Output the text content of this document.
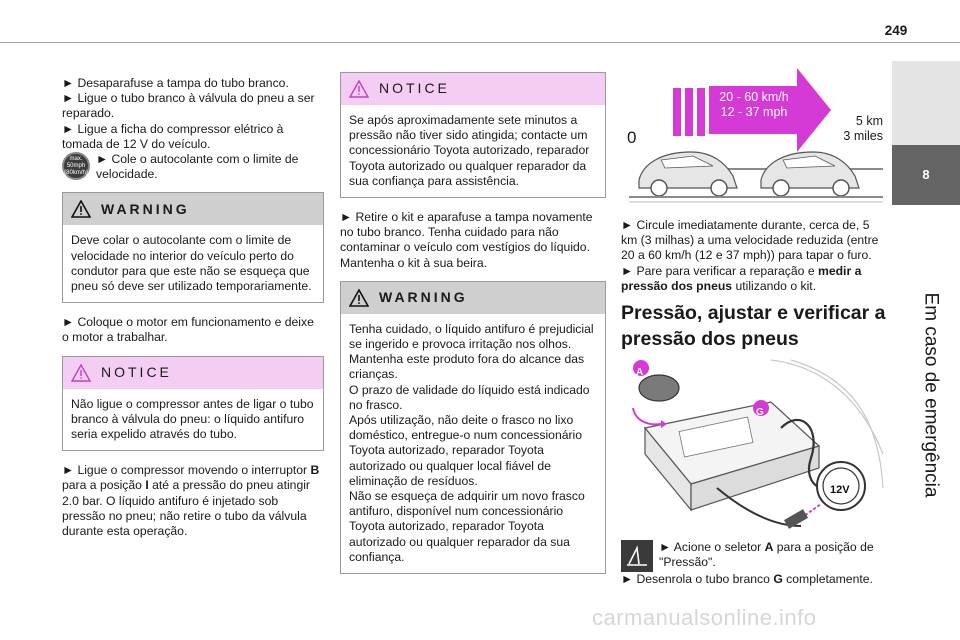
249
8
Em caso de emergência

► Desaparafuse a tampa do tubo branco.

► Ligue o tubo branco à válvula do pneu a ser reparado.

► Ligue a ficha do compressor elétrico à tomada de 12 V do veículo.

max. 50mph (80km/h)

► Cole o autocolante com o limite de velocidade.

WARNING
Deve colar o autocolante com o limite de velocidade no interior do veículo perto do condutor para que este não se esqueça que pneu só deve ser utilizado temporariamente.

► Coloque o motor em funcionamento e deixe o motor a trabalhar.

NOTICE
Não ligue o compressor antes de ligar o tubo branco à válvula do pneu: o líquido antifuro seria expelido através do tubo.

► Ligue o compressor movendo o interruptor B para a posição I até a pressão do pneu atingir 2.0 bar. O líquido antifuro é injetado sob pressão no pneu; não retire o tubo da válvula durante esta operação.

NOTICE
Se após aproximadamente sete minutos a pressão não tiver sido atingida; contacte um concessionário Toyota autorizado, reparador Toyota autorizado ou qualquer reparador da sua confiança para assistência.

► Retire o kit e aparafuse a tampa novamente no tubo branco. Tenha cuidado para não contaminar o veículo com vestígios do líquido. Mantenha o kit à sua beira.

WARNING
Tenha cuidado, o líquido antifuro é prejudicial se ingerido e provoca irritação nos olhos. Mantenha este produto fora do alcance das crianças.
O prazo de validade do líquido está indicado no frasco.
Após utilização, não deite o frasco no lixo doméstico, entregue-o num concessionário Toyota autorizado, reparador Toyota autorizado ou qualquer local fiável de eliminação de resíduos.
Não se esqueça de adquirir um novo frasco antifuro, disponível num concessionário Toyota autorizado, reparador Toyota autorizado ou qualquer reparador da sua confiança.
20 - 60 km/h
12 - 37 mph
0
5 km
3 miles

► Circule imediatamente durante, cerca de, 5 km (3 milhas) a uma velocidade reduzida (entre 20 a 60 km/h (12 e 37 mph)) para tapar o furo.

► Pare para verificar a reparação e medir a pressão dos pneus utilizando o kit.

Pressão, ajustar e verificar a pressão dos pneus
A
G
12V

► Acione o seletor A para a posição de "Pressão".

► Desenrola o tubo branco G completamente.

carmanualsonline.info
